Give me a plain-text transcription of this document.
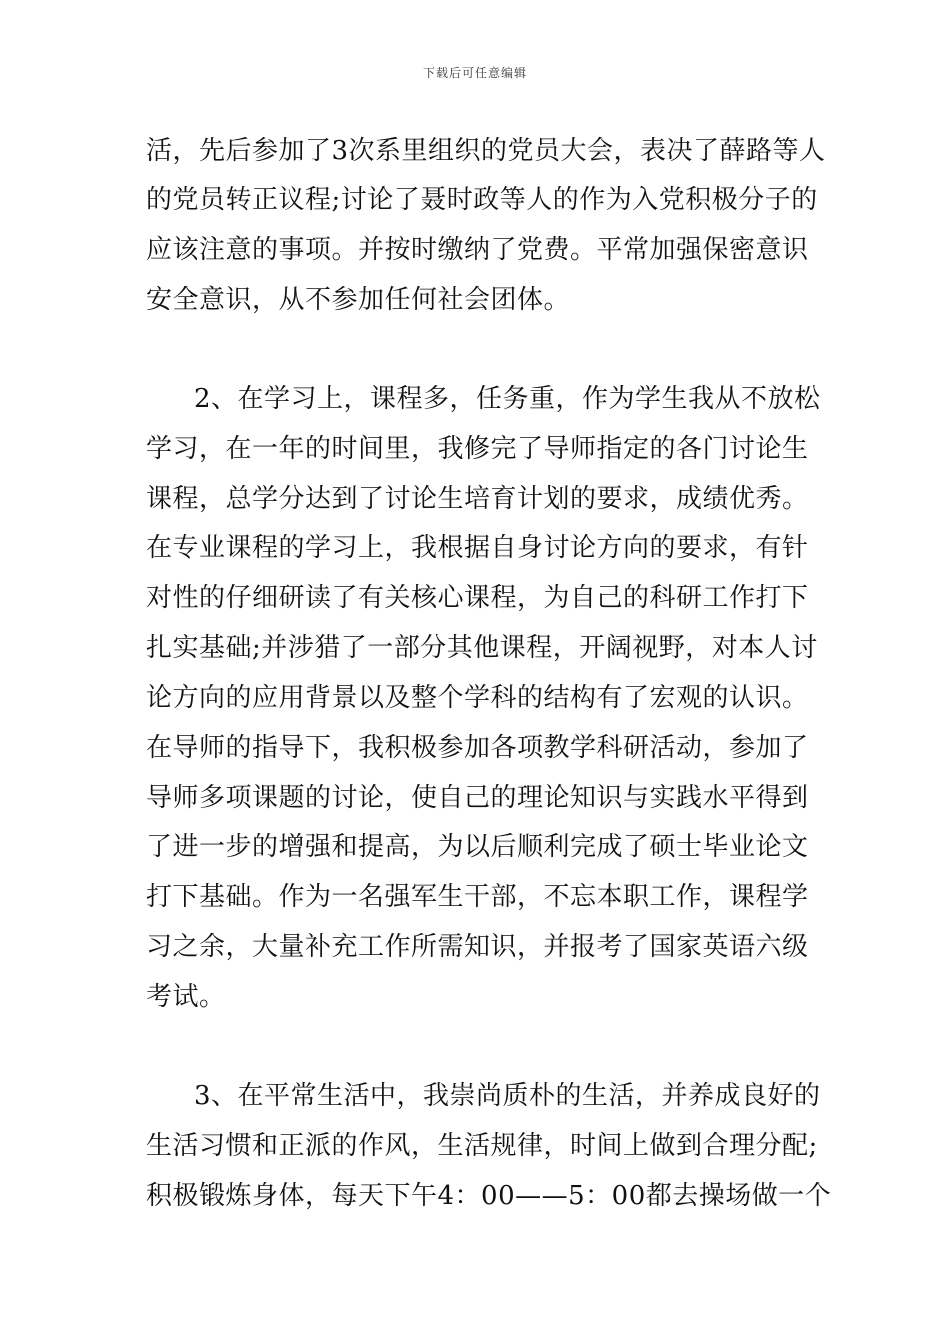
下载后可任意编辑
活，先后参加了3次系里组织的党员大会，表决了薛路等人
的党员转正议程;讨论了聂时政等人的作为入党积极分子的
应该注意的事项。并按时缴纳了党费。平常加强保密意识
安全意识，从不参加任何社会团体。
2、在学习上，课程多，任务重，作为学生我从不放松
学习，在一年的时间里，我修完了导师指定的各门讨论生
课程，总学分达到了讨论生培育计划的要求，成绩优秀。
在专业课程的学习上，我根据自身讨论方向的要求，有针
对性的仔细研读了有关核心课程，为自己的科研工作打下
扎实基础;并涉猎了一部分其他课程，开阔视野，对本人讨
论方向的应用背景以及整个学科的结构有了宏观的认识。
在导师的指导下，我积极参加各项教学科研活动，参加了
导师多项课题的讨论，使自己的理论知识与实践水平得到
了进一步的增强和提高，为以后顺利完成了硕士毕业论文
打下基础。作为一名强军生干部，不忘本职工作，课程学
习之余，大量补充工作所需知识，并报考了国家英语六级
考试。
3、在平常生活中，我崇尚质朴的生活，并养成良好的
生活习惯和正派的作风，生活规律，时间上做到合理分配;
积极锻炼身体，每天下午4：00——5：00都去操场做一个
